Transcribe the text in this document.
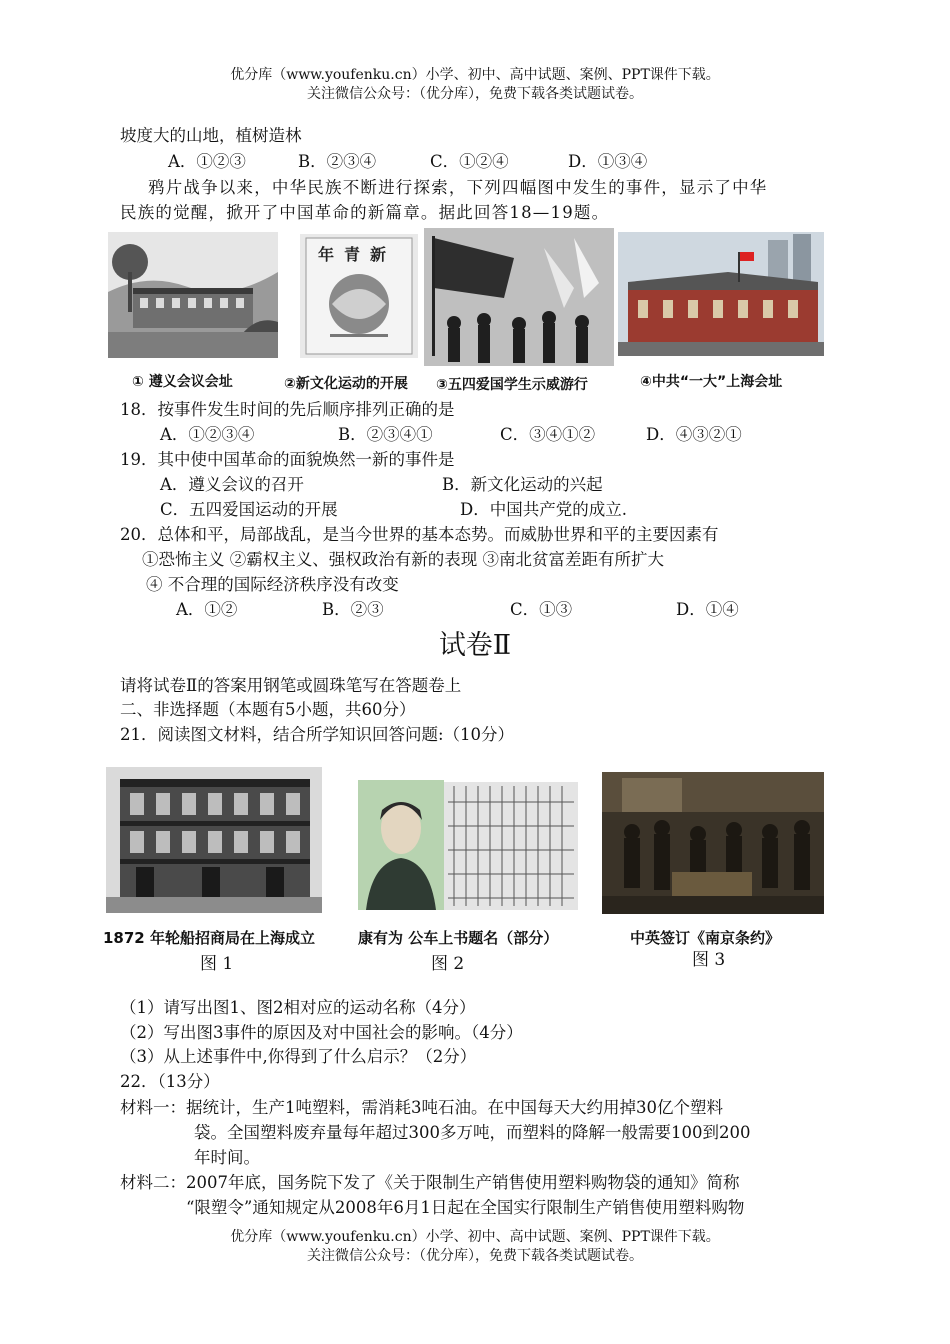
优分库（www.youfenku.cn）小学、初中、高中试题、案例、PPT课件下载。
关注微信公众号：（优分库），免费下载各类试题试卷。
坡度大的山地，植树造林
A．①②③	B．②③④	C．①②④	D．①③④
鸦片战争以来，中华民族不断进行探索，下列四幅图中发生的事件，显示了中华
民族的觉醒，掀开了中国革命的新篇章。据此回答18—19题。
年青新
① 遵义会议会址	②新文化运动的开展 ③五四爱国学生示威游行	④中共“一大”上海会址
18．按事件发生时间的先后顺序排列正确的是
A．①②③④	B．②③④①	C．③④①②	D．④③②①
19．其中使中国革命的面貌焕然一新的事件是
A．遵义会议的召开	B．新文化运动的兴起
C．五四爱国运动的开展	D．中国共产党的成立.
20．总体和平，局部战乱，是当今世界的基本态势。而威胁世界和平的主要因素有
①恐怖主义 ②霸权主义、强权政治有新的表现 ③南北贫富差距有所扩大
④ 不合理的国际经济秩序没有改变
A．①②	B．②③	C．①③	D．①④
试卷Ⅱ
请将试卷Ⅱ的答案用钢笔或圆珠笔写在答题卷上
二、非选择题（本题有5小题，共60分）
21．阅读图文材料，结合所学知识回答问题:（10分）
1872 年轮船招商局在上海成立	康有为 公车上书题名（部分）	中英签订《南京条约》
图 1	图 2	图 3
（1）请写出图1、图2相对应的运动名称（4分）
（2）写出图3事件的原因及对中国社会的影响。（4分）
（3）从上述事件中,你得到了什么启示？（2分）
22．（13分）
材料一：据统计，生产1吨塑料，需消耗3吨石油。在中国每天大约用掉30亿个塑料
袋。全国塑料废弃量每年超过300多万吨，而塑料的降解一般需要100到200
年时间。
材料二：2007年底，国务院下发了《关于限制生产销售使用塑料购物袋的通知》简称
“限塑令”通知规定从2008年6月1日起在全国实行限制生产销售使用塑料购物
优分库（www.youfenku.cn）小学、初中、高中试题、案例、PPT课件下载。
关注微信公众号：（优分库），免费下载各类试题试卷。
